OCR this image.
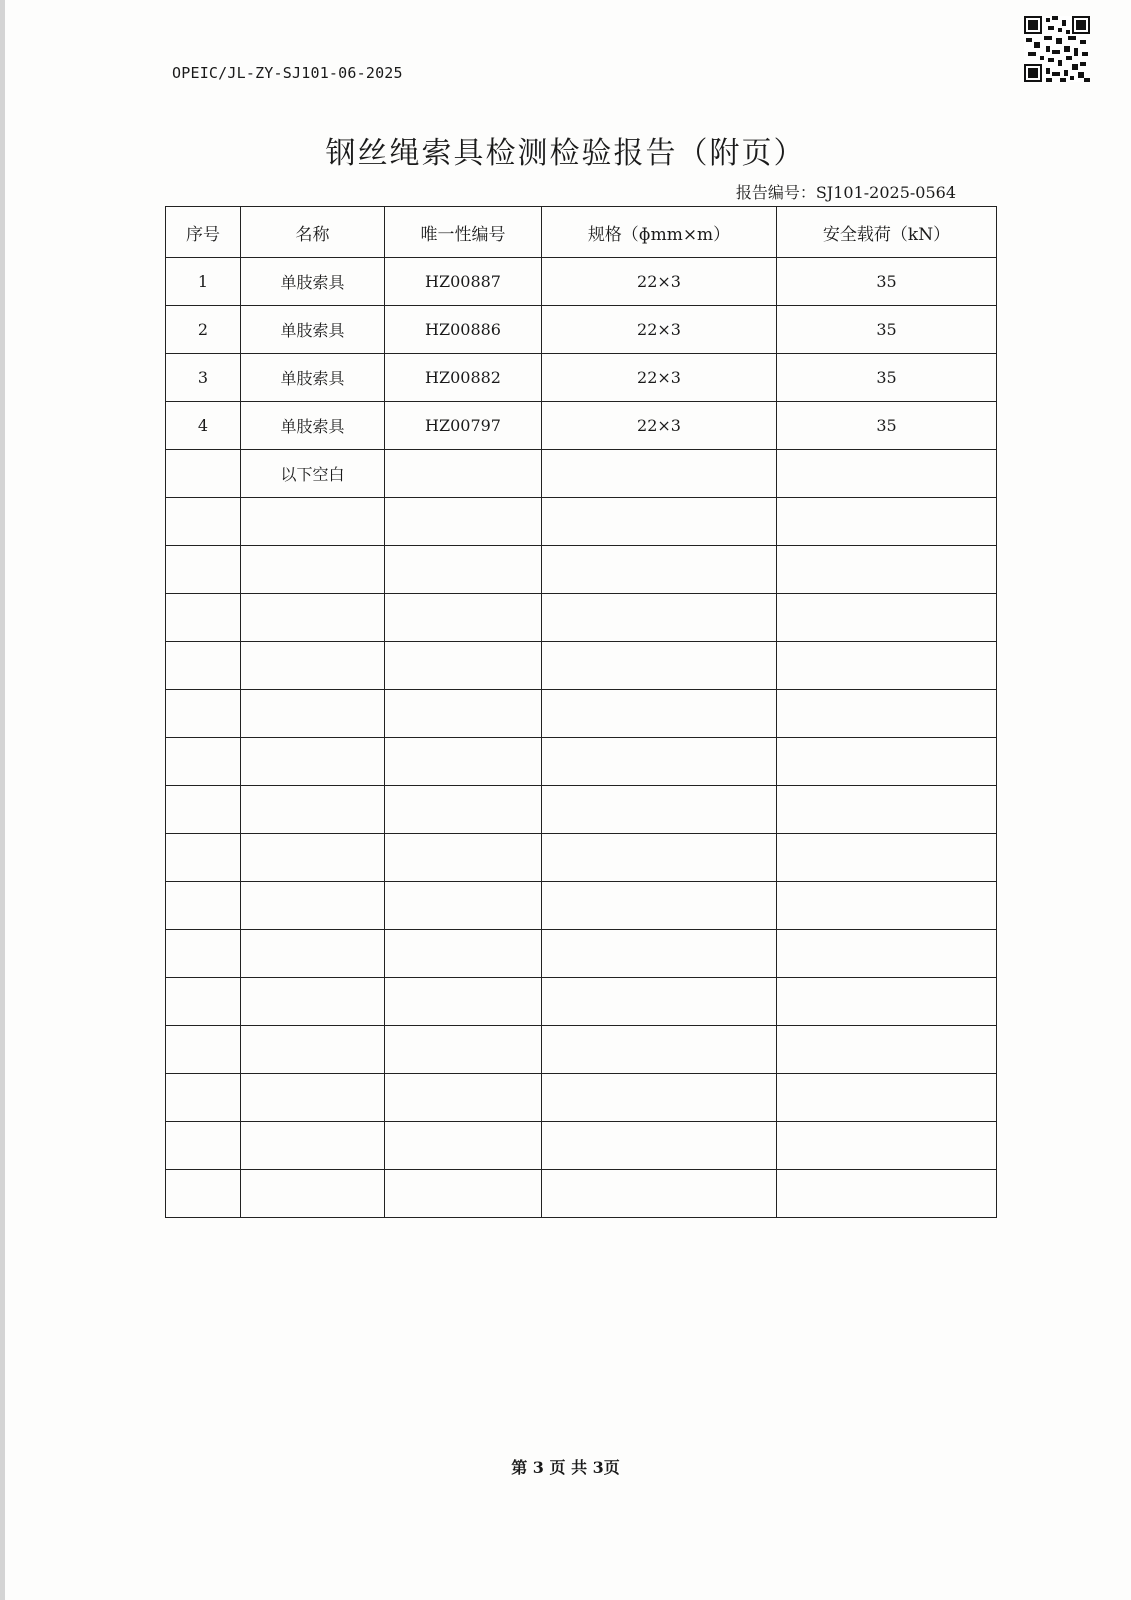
OPEIC/JL-ZY-SJ101-06-2025
钢丝绳索具检测检验报告（附页）
报告编号：SJ101-2025-0564
序号	名称	唯一性编号	规格（ɸmm×m）	安全载荷（kN）
1	单肢索具	HZ00887	22×3	35
2	单肢索具	HZ00886	22×3	35
3	单肢索具	HZ00882	22×3	35
4	单肢索具	HZ00797	22×3	35
	以下空白			

第 3 页 共 3页
